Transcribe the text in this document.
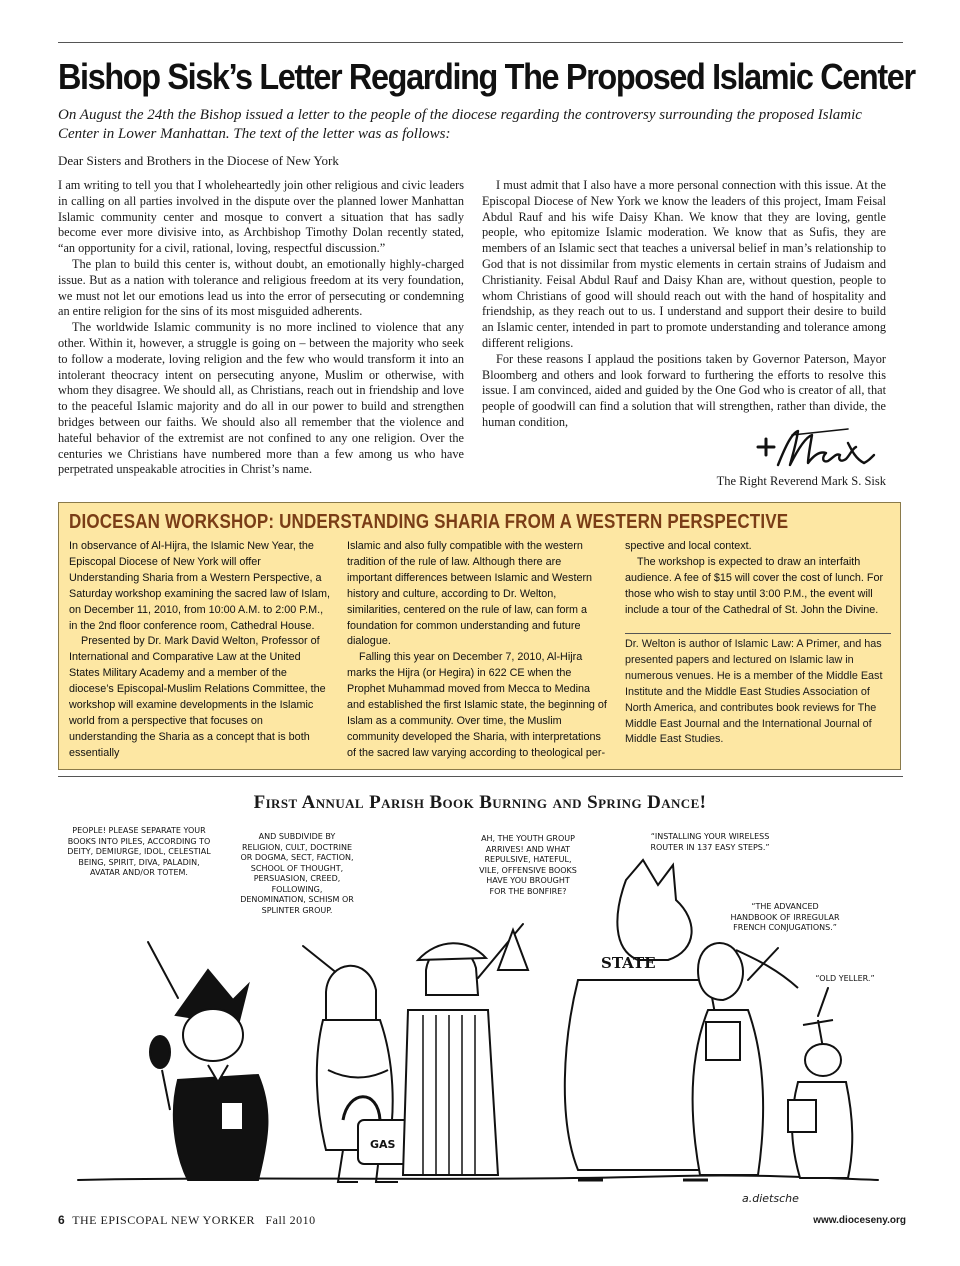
Bishop Sisk’s Letter Regarding The Proposed Islamic Center

On August the 24th the Bishop issued a letter to the people of the diocese regarding the controversy surrounding the proposed Islamic Center in Lower Manhattan. The text of the letter was as follows:

Dear Sisters and Brothers in the Diocese of New York

I am writing to tell you that I wholeheartedly join other religious and civic leaders in calling on all parties involved in the dispute over the planned lower Manhattan Islamic community center and mosque to convert a situation that has sadly become ever more divisive into, as Archbishop Timothy Dolan recently stated, “an opportunity for a civil, rational, loving, respectful discussion.”

The plan to build this center is, without doubt, an emotionally highly-charged issue. But as a nation with tolerance and religious freedom at its very foundation, we must not let our emotions lead us into the error of persecuting or condemning an entire religion for the sins of its most misguided adherents.

The worldwide Islamic community is no more inclined to violence that any other. Within it, however, a struggle is going on – between the majority who seek to follow a moderate, loving religion and the few who would transform it into an intolerant theocracy intent on persecuting anyone, Muslim or otherwise, with whom they disagree. We should all, as Christians, reach out in friendship and love to the peaceful Islamic majority and do all in our power to build and strengthen bridges between our faiths. We should also all remember that the violence and hateful behavior of the extremist are not confined to any one religion. Over the centuries we Christians have numbered more than a few among us who have perpetrated unspeakable atrocities in Christ’s name.

I must admit that I also have a more personal connection with this issue. At the Episcopal Diocese of New York we know the leaders of this project, Imam Feisal Abdul Rauf and his wife Daisy Khan. We know that they are loving, gentle people, who epitomize Islamic moderation. We know that as Sufis, they are members of an Islamic sect that teaches a universal belief in man’s relationship to God that is not dissimilar from mystic elements in certain strains of Judaism and Christianity. Feisal Abdul Rauf and Daisy Khan are, without question, people to whom Christians of good will should reach out with the hand of hospitality and friendship, as they reach out to us. I understand and support their desire to build an Islamic center, intended in part to promote understanding and tolerance among different religions.

For these reasons I applaud the positions taken by Governor Paterson, Mayor Bloomberg and others and look forward to furthering the efforts to resolve this issue. I am convinced, aided and guided by the One God who is creator of all, that people of goodwill can find a solution that will strengthen, rather than divide, the human condition,

The Right Reverend Mark S. Sisk
DIOCESAN WORKSHOP: UNDERSTANDING SHARIA FROM A WESTERN PERSPECTIVE

In observance of Al-Hijra, the Islamic New Year, the Episcopal Diocese of New York will offer Understanding Sharia from a Western Perspective, a Saturday workshop examining the sacred law of Islam, on December 11, 2010, from 10:00 A.M. to 2:00 P.M., in the 2nd floor conference room, Cathedral House.

Presented by Dr. Mark David Welton, Professor of International and Comparative Law at the United States Military Academy and a member of the diocese’s Episcopal-Muslim Relations Committee, the workshop will examine developments in the Islamic world from a perspective that focuses on understanding the Sharia as a concept that is both essentially

Islamic and also fully compatible with the western tradition of the rule of law. Although there are important differences between Islamic and Western history and culture, according to Dr. Welton, similarities, centered on the rule of law, can form a foundation for common understanding and future dialogue.

Falling this year on December 7, 2010, Al-Hijra marks the Hijra (or Hegira) in 622 CE when the Prophet Muhammad moved from Mecca to Medina and established the first Islamic state, the beginning of Islam as a community. Over time, the Muslim community developed the Sharia, with interpretations of the sacred law varying according to theological per-

spective and local context.

The workshop is expected to draw an interfaith audience. A fee of $15 will cover the cost of lunch. For those who wish to stay until 3:00 P.M., the event will include a tour of the Cathedral of St. John the Divine.

Dr. Welton is author of Islamic Law: A Primer, and has presented papers and lectured on Islamic law in numerous venues. He is a member of the Middle East Institute and the Middle East Studies Association of North America, and contributes book reviews for The Middle East Journal and the International Journal of Middle East Studies.

First Annual Parish Book Burning and Spring Dance!
PEOPLE! PLEASE SEPARATE YOUR BOOKS INTO PILES, ACCORDING TO DEITY, DEMIURGE, IDOL, CELESTIAL BEING, SPIRIT, DIVA, PALADIN, AVATAR AND/OR TOTEM.
AND SUBDIVIDE BY RELIGION, CULT, DOCTRINE OR DOGMA, SECT, FACTION, SCHOOL OF THOUGHT, PERSUASION, CREED, FOLLOWING, DENOMINATION, SCHISM OR SPLINTER GROUP.
AH, THE YOUTH GROUP ARRIVES! AND WHAT REPULSIVE, HATEFUL, VILE, OFFENSIVE BOOKS HAVE YOU BROUGHT FOR THE BONFIRE?
“INSTALLING YOUR WIRELESS ROUTER IN 137 EASY STEPS.”
“THE ADVANCED HANDBOOK OF IRREGULAR FRENCH CONJUGATIONS.”
“OLD YELLER.”
GAS
STATE
a.dietsche
6 THE EPISCOPAL NEW YORKER Fall 2010	www.dioceseny.org
